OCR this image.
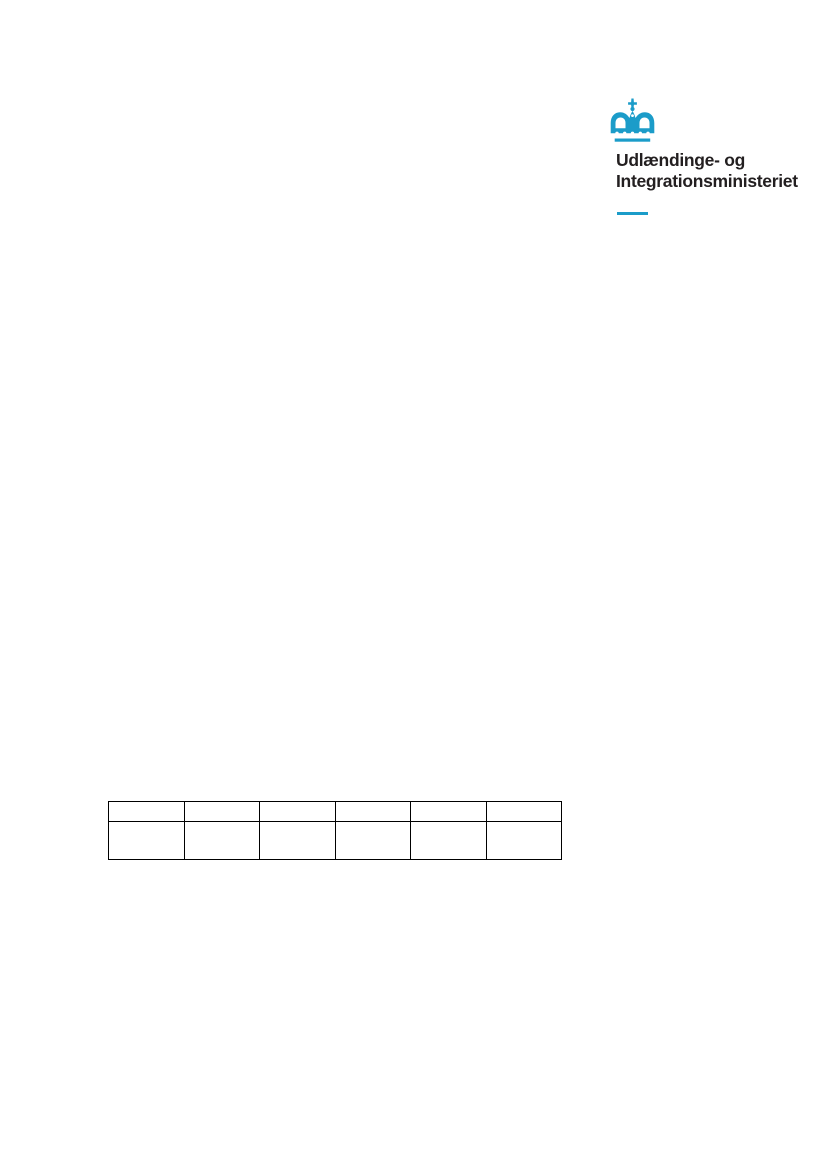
Udlændinge- og
Integrationsministeriet
